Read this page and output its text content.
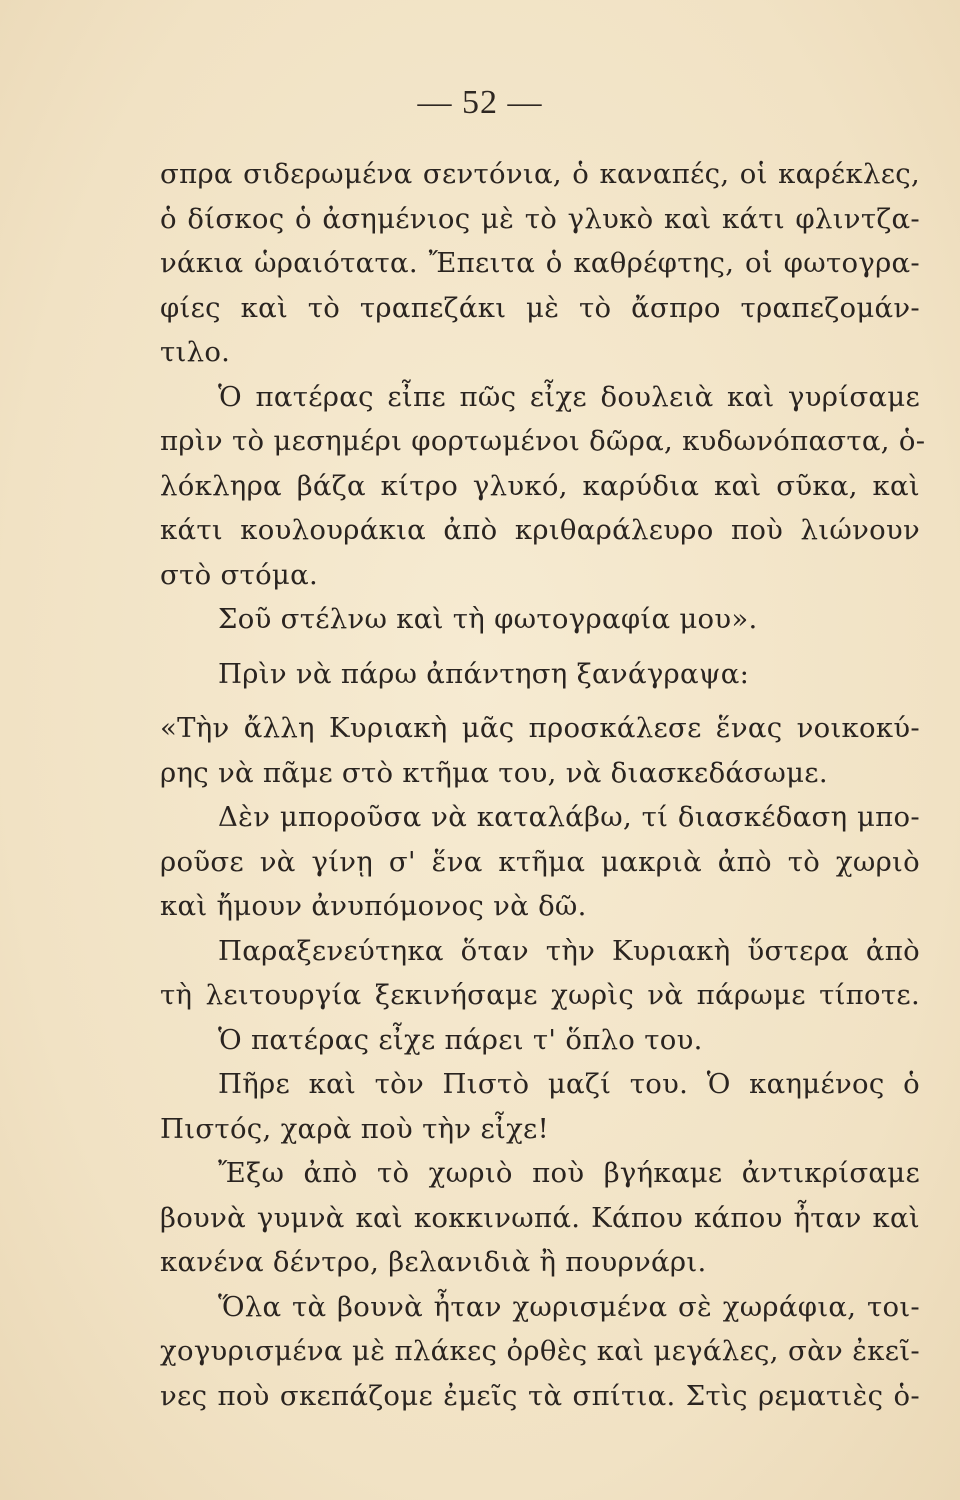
— 52 —
σπρα σιδερωμένα σεντόνια, ὁ καναπές, οἱ καρέκλες,
ὁ δίσκος ὁ ἀσημένιος μὲ τὸ γλυκὸ καὶ κάτι φλιντζα-
νάκια ὡραιότατα. Ἔπειτα ὁ καθρέφτης, οἱ φωτογρα-
φίες καὶ τὸ τραπεζάκι μὲ τὸ ἄσπρο τραπεζομάν-
τιλο.
Ὁ πατέρας εἶπε πῶς εἶχε δουλειὰ καὶ γυρίσαμε
πρὶν τὸ μεσημέρι φορτωμένοι δῶρα, κυδωνόπαστα, ὁ-
λόκληρα βάζα κίτρο γλυκό, καρύδια καὶ σῦκα, καὶ
κάτι κουλουράκια ἀπὸ κριθαράλευρο ποὺ λιώνουν
στὸ στόμα.
Σοῦ στέλνω καὶ τὴ φωτογραφία μου».
Πρὶν νὰ πάρω ἀπάντηση ξανάγραψα:
«Τὴν ἄλλη Κυριακὴ μᾶς προσκάλεσε ἕνας νοικοκύ-
ρης νὰ πᾶμε στὸ κτῆμα του, νὰ διασκεδάσωμε.
Δὲν μποροῦσα νὰ καταλάβω, τί διασκέδαση μπο-
ροῦσε νὰ γίνῃ σ' ἕνα κτῆμα μακριὰ ἀπὸ τὸ χωριὸ
καὶ ἤμουν ἀνυπόμονος νὰ δῶ.
Παραξενεύτηκα ὅταν τὴν Κυριακὴ ὕστερα ἀπὸ
τὴ λειτουργία ξεκινήσαμε χωρὶς νὰ πάρωμε τίποτε.
Ὁ πατέρας εἶχε πάρει τ' ὅπλο του.
Πῆρε καὶ τὸν Πιστὸ μαζί του. Ὁ καημένος ὁ
Πιστός, χαρὰ ποὺ τὴν εἶχε!
Ἔξω ἀπὸ τὸ χωριὸ ποὺ βγήκαμε ἀντικρίσαμε
βουνὰ γυμνὰ καὶ κοκκινωπά. Κάπου κάπου ἦταν καὶ
κανένα δέντρο, βελανιδιὰ ἢ πουρνάρι.
Ὅλα τὰ βουνὰ ἦταν χωρισμένα σὲ χωράφια, τοι-
χογυρισμένα μὲ πλάκες ὀρθὲς καὶ μεγάλες, σὰν ἐκεῖ-
νες ποὺ σκεπάζομε ἐμεῖς τὰ σπίτια. Στὶς ρεματιὲς ὁ-
